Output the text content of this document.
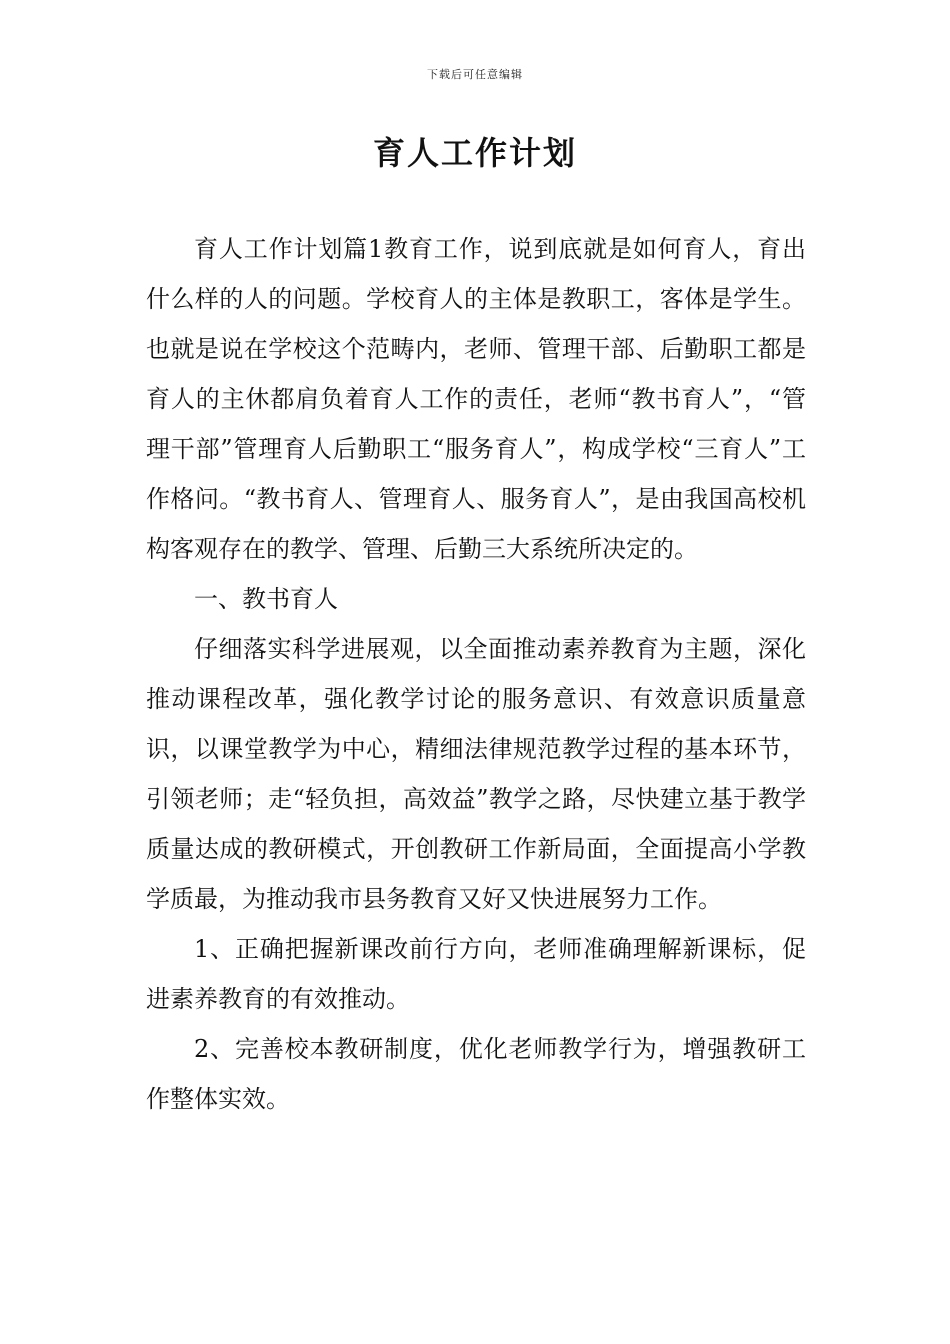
下载后可任意编辑
育人工作计划

育人工作计划篇1教育工作，说到底就是如何育人，育出什么样的人的问题。学校育人的主体是教职工，客体是学生。也就是说在学校这个范畴内，老师、管理干部、后勤职工都是育人的主休都肩负着育人工作的责任，老师“教书育人”，“管理干部”管理育人后勤职工“服务育人”，构成学校“三育人”工作格问。“教书育人、管理育人、服务育人”，是由我国高校机构客观存在的教学、管理、后勤三大系统所决定的。

一、教书育人

仔细落实科学进展观，以全面推动素养教育为主题，深化推动课程改革，强化教学讨论的服务意识、有效意识质量意识，以课堂教学为中心，精细法律规范教学过程的基本环节，引领老师；走“轻负担，高效益”教学之路，尽快建立基于教学质量达成的教研模式，开创教研工作新局面，全面提高小学教学质最，为推动我市县务教育又好又快进展努力工作。

1、正确把握新课改前行方向，老师准确理解新课标，促进素养教育的有效推动。

2、完善校本教研制度，优化老师教学行为，增强教研工作整体实效。
